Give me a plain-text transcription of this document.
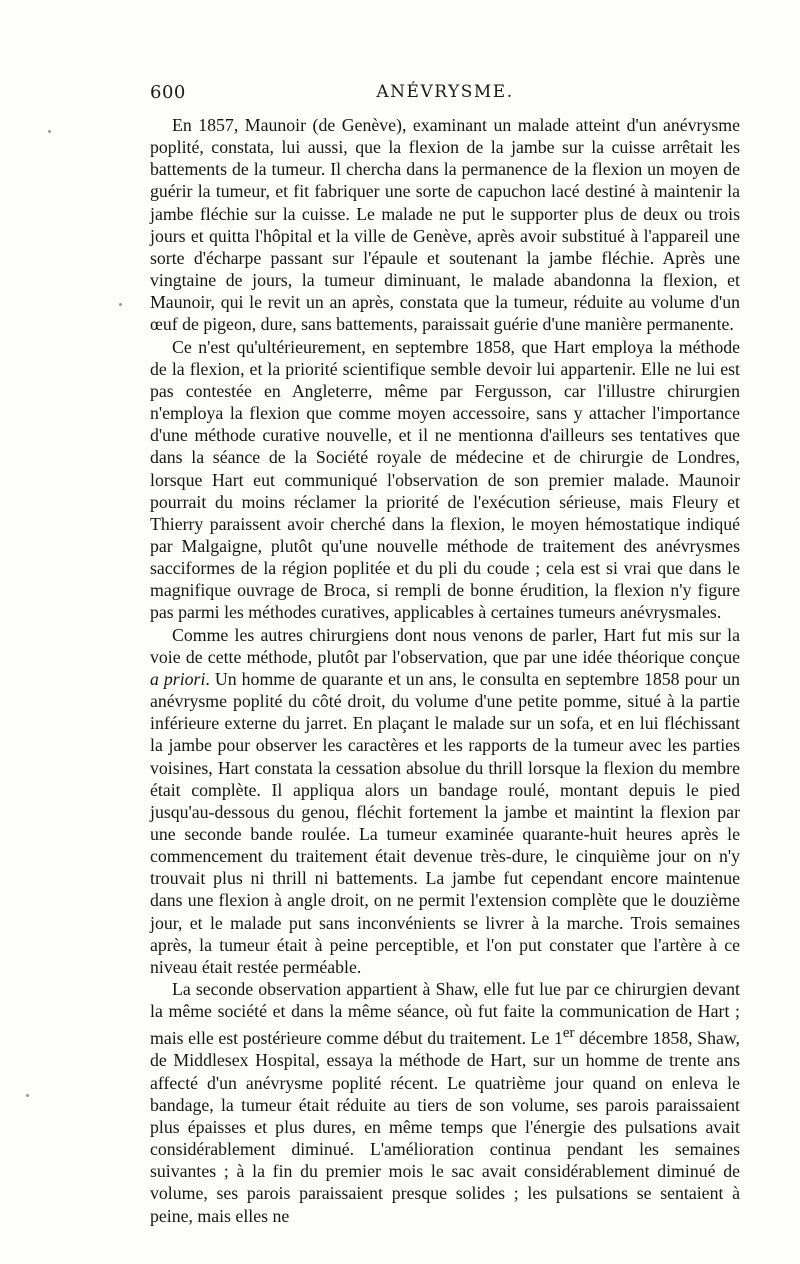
600	ANÉVRYSME.

En 1857, Maunoir (de Genève), examinant un malade atteint d'un anévrysme poplité, constata, lui aussi, que la flexion de la jambe sur la cuisse arrêtait les battements de la tumeur. Il chercha dans la permanence de la flexion un moyen de guérir la tumeur, et fit fabriquer une sorte de capuchon lacé destiné à maintenir la jambe fléchie sur la cuisse. Le malade ne put le supporter plus de deux ou trois jours et quitta l'hôpital et la ville de Genève, après avoir substitué à l'appareil une sorte d'écharpe passant sur l'épaule et soutenant la jambe fléchie. Après une vingtaine de jours, la tumeur diminuant, le malade abandonna la flexion, et Maunoir, qui le revit un an après, constata que la tumeur, réduite au volume d'un œuf de pigeon, dure, sans battements, paraissait guérie d'une manière permanente.

Ce n'est qu'ultérieurement, en septembre 1858, que Hart employa la méthode de la flexion, et la priorité scientifique semble devoir lui appartenir. Elle ne lui est pas contestée en Angleterre, même par Fergusson, car l'illustre chirurgien n'employa la flexion que comme moyen accessoire, sans y attacher l'importance d'une méthode curative nouvelle, et il ne mentionna d'ailleurs ses tentatives que dans la séance de la Société royale de médecine et de chirurgie de Londres, lorsque Hart eut communiqué l'observation de son premier malade. Maunoir pourrait du moins réclamer la priorité de l'exécution sérieuse, mais Fleury et Thierry paraissent avoir cherché dans la flexion, le moyen hémostatique indiqué par Malgaigne, plutôt qu'une nouvelle méthode de traitement des anévrysmes sacciformes de la région poplitée et du pli du coude ; cela est si vrai que dans le magnifique ouvrage de Broca, si rempli de bonne érudition, la flexion n'y figure pas parmi les méthodes curatives, applicables à certaines tumeurs anévrysmales.

Comme les autres chirurgiens dont nous venons de parler, Hart fut mis sur la voie de cette méthode, plutôt par l'observation, que par une idée théorique conçue a priori. Un homme de quarante et un ans, le consulta en septembre 1858 pour un anévrysme poplité du côté droit, du volume d'une petite pomme, situé à la partie inférieure externe du jarret. En plaçant le malade sur un sofa, et en lui fléchissant la jambe pour observer les caractères et les rapports de la tumeur avec les parties voisines, Hart constata la cessation absolue du thrill lorsque la flexion du membre était complète. Il appliqua alors un bandage roulé, montant depuis le pied jusqu'au-dessous du genou, fléchit fortement la jambe et maintint la flexion par une seconde bande roulée. La tumeur examinée quarante-huit heures après le commencement du traitement était devenue très-dure, le cinquième jour on n'y trouvait plus ni thrill ni battements. La jambe fut cependant encore maintenue dans une flexion à angle droit, on ne permit l'extension complète que le douzième jour, et le malade put sans inconvénients se livrer à la marche. Trois semaines après, la tumeur était à peine perceptible, et l'on put constater que l'artère à ce niveau était restée perméable.

La seconde observation appartient à Shaw, elle fut lue par ce chirurgien devant la même société et dans la même séance, où fut faite la communication de Hart ; mais elle est postérieure comme début du traitement. Le 1er décembre 1858, Shaw, de Middlesex Hospital, essaya la méthode de Hart, sur un homme de trente ans affecté d'un anévrysme poplité récent. Le quatrième jour quand on enleva le bandage, la tumeur était réduite au tiers de son volume, ses parois paraissaient plus épaisses et plus dures, en même temps que l'énergie des pulsations avait considérablement diminué. L'amélioration continua pendant les semaines suivantes ; à la fin du premier mois le sac avait considérablement diminué de volume, ses parois paraissaient presque solides ; les pulsations se sentaient à peine, mais elles ne
